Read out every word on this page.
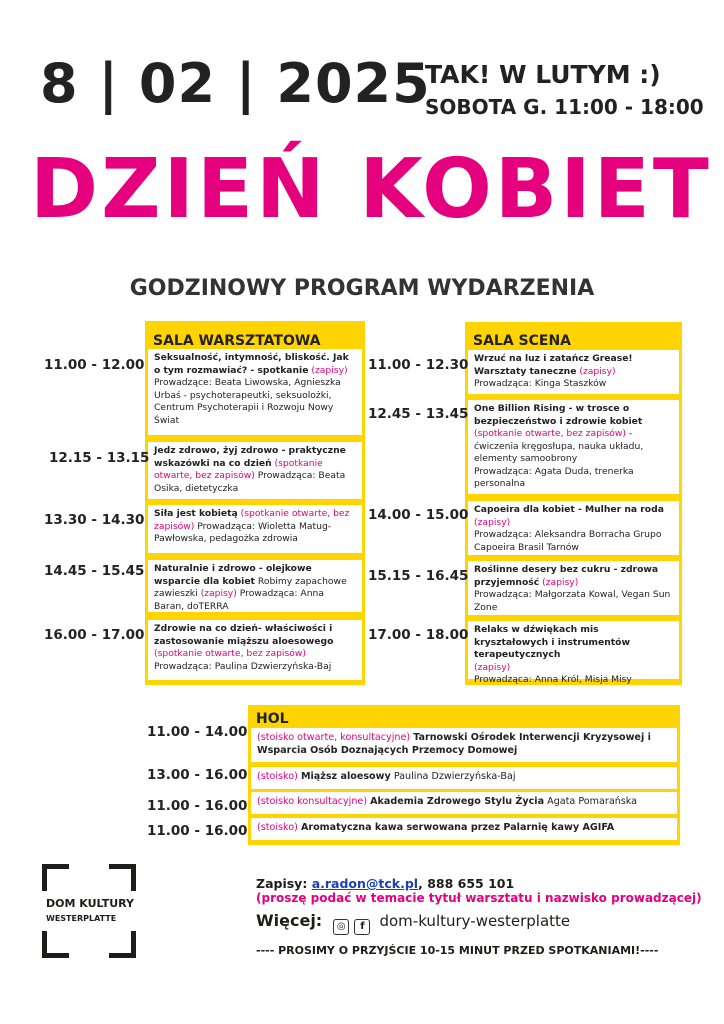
8 | 02 | 2025
TAK! W LUTYM :)
SOBOTA G. 11:00 - 18:00
DZIEŃ KOBIET
GODZINOWY PROGRAM WYDARZENIA
SALA WARSZTATOWA
Seksualność, intymność, bliskość. Jak o tym rozmawiać? - spotkanie (zapisy)
Prowadzące: Beata Liwowska, Agnieszka Urbaś - psychoterapeutki, seksuolożki, Centrum Psychoterapii i Rozwoju Nowy Świat
Jedz zdrowo, żyj zdrowo - praktyczne wskazówki na co dzień (spotkanie otwarte, bez zapisów) Prowadząca: Beata Osika, dietetyczka
Siła jest kobietą (spotkanie otwarte, bez zapisów) Prowadząca: Wioletta Matug-Pawłowska, pedagożka zdrowia
Naturalnie i zdrowo - olejkowe wsparcie dla kobiet Robimy zapachowe zawieszki (zapisy) Prowadząca: Anna Baran, doTERRA
Zdrowie na co dzień- właściwości i zastosowanie miąższu aloesowego
(spotkanie otwarte, bez zapisów)
Prowadząca: Paulina Dzwierzyńska-Baj
11.00 - 12.00
12.15 - 13.15
13.30 - 14.30
14.45 - 15.45
16.00 - 17.00
SALA SCENA
Wrzuć na luz i zatańcz Grease! Warsztaty taneczne (zapisy)
Prowadząca: Kinga Staszków
One Billion Rising - w trosce o bezpieczeństwo i zdrowie kobiet
(spotkanie otwarte, bez zapisów) - ćwiczenia kręgosłupa, nauka układu, elementy samoobrony
Prowadząca: Agata Duda, trenerka personalna
Capoeira dla kobiet - Mulher na roda
(zapisy)
Prowadząca: Aleksandra Borracha Grupo Capoeira Brasil Tarnów
Roślinne desery bez cukru - zdrowa przyjemność (zapisy)
Prowadząca: Małgorzata Kowal, Vegan Sun Zone
Relaks w dźwiękach mis kryształowych i instrumentów terapeutycznych
(zapisy)
Prowadząca: Anna Król, Misja Misy
11.00 - 12.30
12.45 - 13.45
14.00 - 15.00
15.15 - 16.45
17.00 - 18.00
HOL
(stoisko otwarte, konsultacyjne) Tarnowski Ośrodek Interwencji Kryzysowej i Wsparcia Osób Doznających Przemocy Domowej
(stoisko) Miąższ aloesowy Paulina Dzwierzyńska-Baj
(stoisko konsultacyjne) Akademia Zdrowego Stylu Życia Agata Pomarańska
(stoisko) Aromatyczna kawa serwowana przez Palarnię kawy AGIFA
11.00 - 14.00
13.00 - 16.00
11.00 - 16.00
11.00 - 16.00
DOM KULTURY
WESTERPLATTE
Zapisy: a.radon@tck.pl, 888 655 101
(proszę podać w temacie tytuł warsztatu i nazwisko prowadzącej)
Więcej: ◎ f dom-kultury-westerplatte
---- PROSIMY O PRZYJŚCIE 10-15 MINUT PRZED SPOTKANIAMI!----
